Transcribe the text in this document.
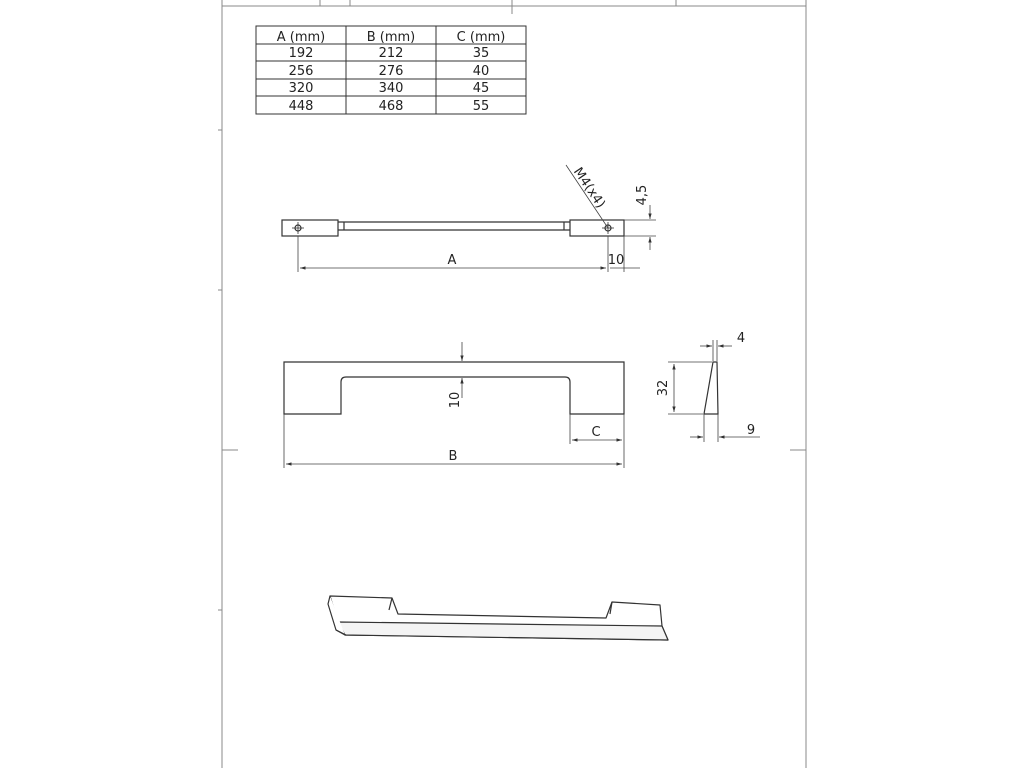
A (mm)	B (mm)	C (mm)
192	212	35
256	276	40
320	340	45
448	468	55
A	10
4,5
M4(x4)
B
C
10
32
4
9
